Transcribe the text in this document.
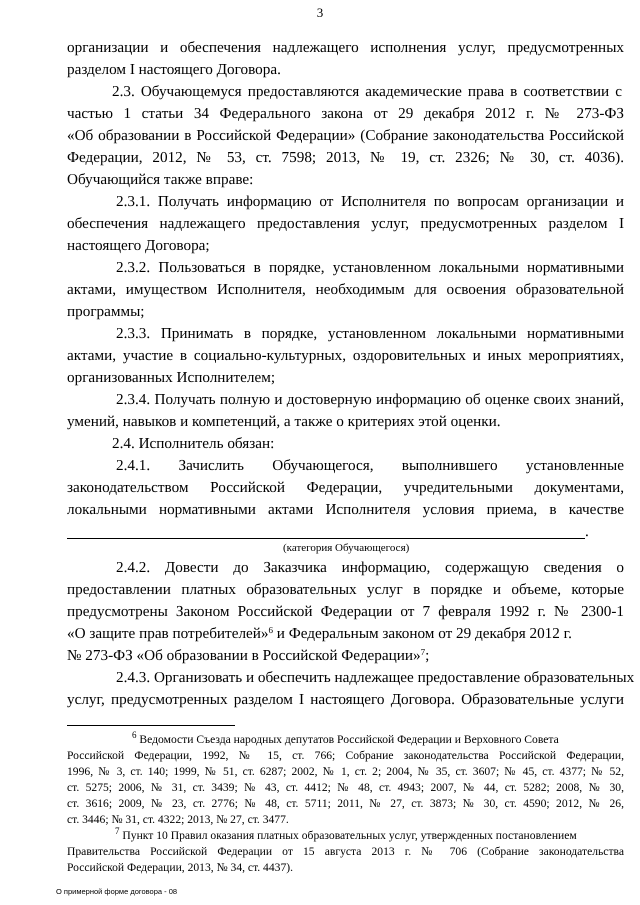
3
организации и обеспечения надлежащего исполнения услуг, предусмотренных
разделом I настоящего Договора.
2.3. Обучающемуся предоставляются академические права в соответствии с
частью 1 статьи 34 Федерального закона от 29 декабря 2012 г. № 273-ФЗ
«Об образовании в Российской Федерации» (Собрание законодательства Российской
Федерации, 2012, № 53, ст. 7598; 2013, № 19, ст. 2326; № 30, ст. 4036).
Обучающийся также вправе:
2.3.1. Получать информацию от Исполнителя по вопросам организации и
обеспечения надлежащего предоставления услуг, предусмотренных разделом I
настоящего Договора;
2.3.2. Пользоваться в порядке, установленном локальными нормативными
актами, имуществом Исполнителя, необходимым для освоения образовательной
программы;
2.3.3. Принимать в порядке, установленном локальными нормативными
актами, участие в социально-культурных, оздоровительных и иных мероприятиях,
организованных Исполнителем;
2.3.4. Получать полную и достоверную информацию об оценке своих знаний,
умений, навыков и компетенций, а также о критериях этой оценки.
2.4. Исполнитель обязан:
2.4.1. Зачислить Обучающегося, выполнившего установленные
законодательством Российской Федерации, учредительными документами,
локальными нормативными актами Исполнителя условия приема, в качестве
.
(категория Обучающегося)
2.4.2. Довести до Заказчика информацию, содержащую сведения о
предоставлении платных образовательных услуг в порядке и объеме, которые
предусмотрены Законом Российской Федерации от 7 февраля 1992 г. № 2300-1
«О защите прав потребителей»$^6$ и Федеральным законом от 29 декабря 2012 г.
№ 273-ФЗ «Об образовании в Российской Федерации»$^7$;
2.4.3. Организовать и обеспечить надлежащее предоставление образовательных
услуг, предусмотренных разделом I настоящего Договора. Образовательные услуги
$^6$ Ведомости Съезда народных депутатов Российской Федерации и Верховного Совета
Российской Федерации, 1992, № 15, ст. 766; Собрание законодательства Российской Федерации,
1996, № 3, ст. 140; 1999, № 51, ст. 6287; 2002, № 1, ст. 2; 2004, № 35, ст. 3607; № 45, ст. 4377; № 52,
ст. 5275; 2006, № 31, ст. 3439; № 43, ст. 4412; № 48, ст. 4943; 2007, № 44, ст. 5282; 2008, № 30,
ст. 3616; 2009, № 23, ст. 2776; № 48, ст. 5711; 2011, № 27, ст. 3873; № 30, ст. 4590; 2012, № 26,
ст. 3446; № 31, ст. 4322; 2013, № 27, ст. 3477.
$^7$ Пункт 10 Правил оказания платных образовательных услуг, утвержденных постановлением
Правительства Российской Федерации от 15 августа 2013 г. № 706 (Собрание законодательства
Российской Федерации, 2013, № 34, ст. 4437).
О примерной форме договора - 08
